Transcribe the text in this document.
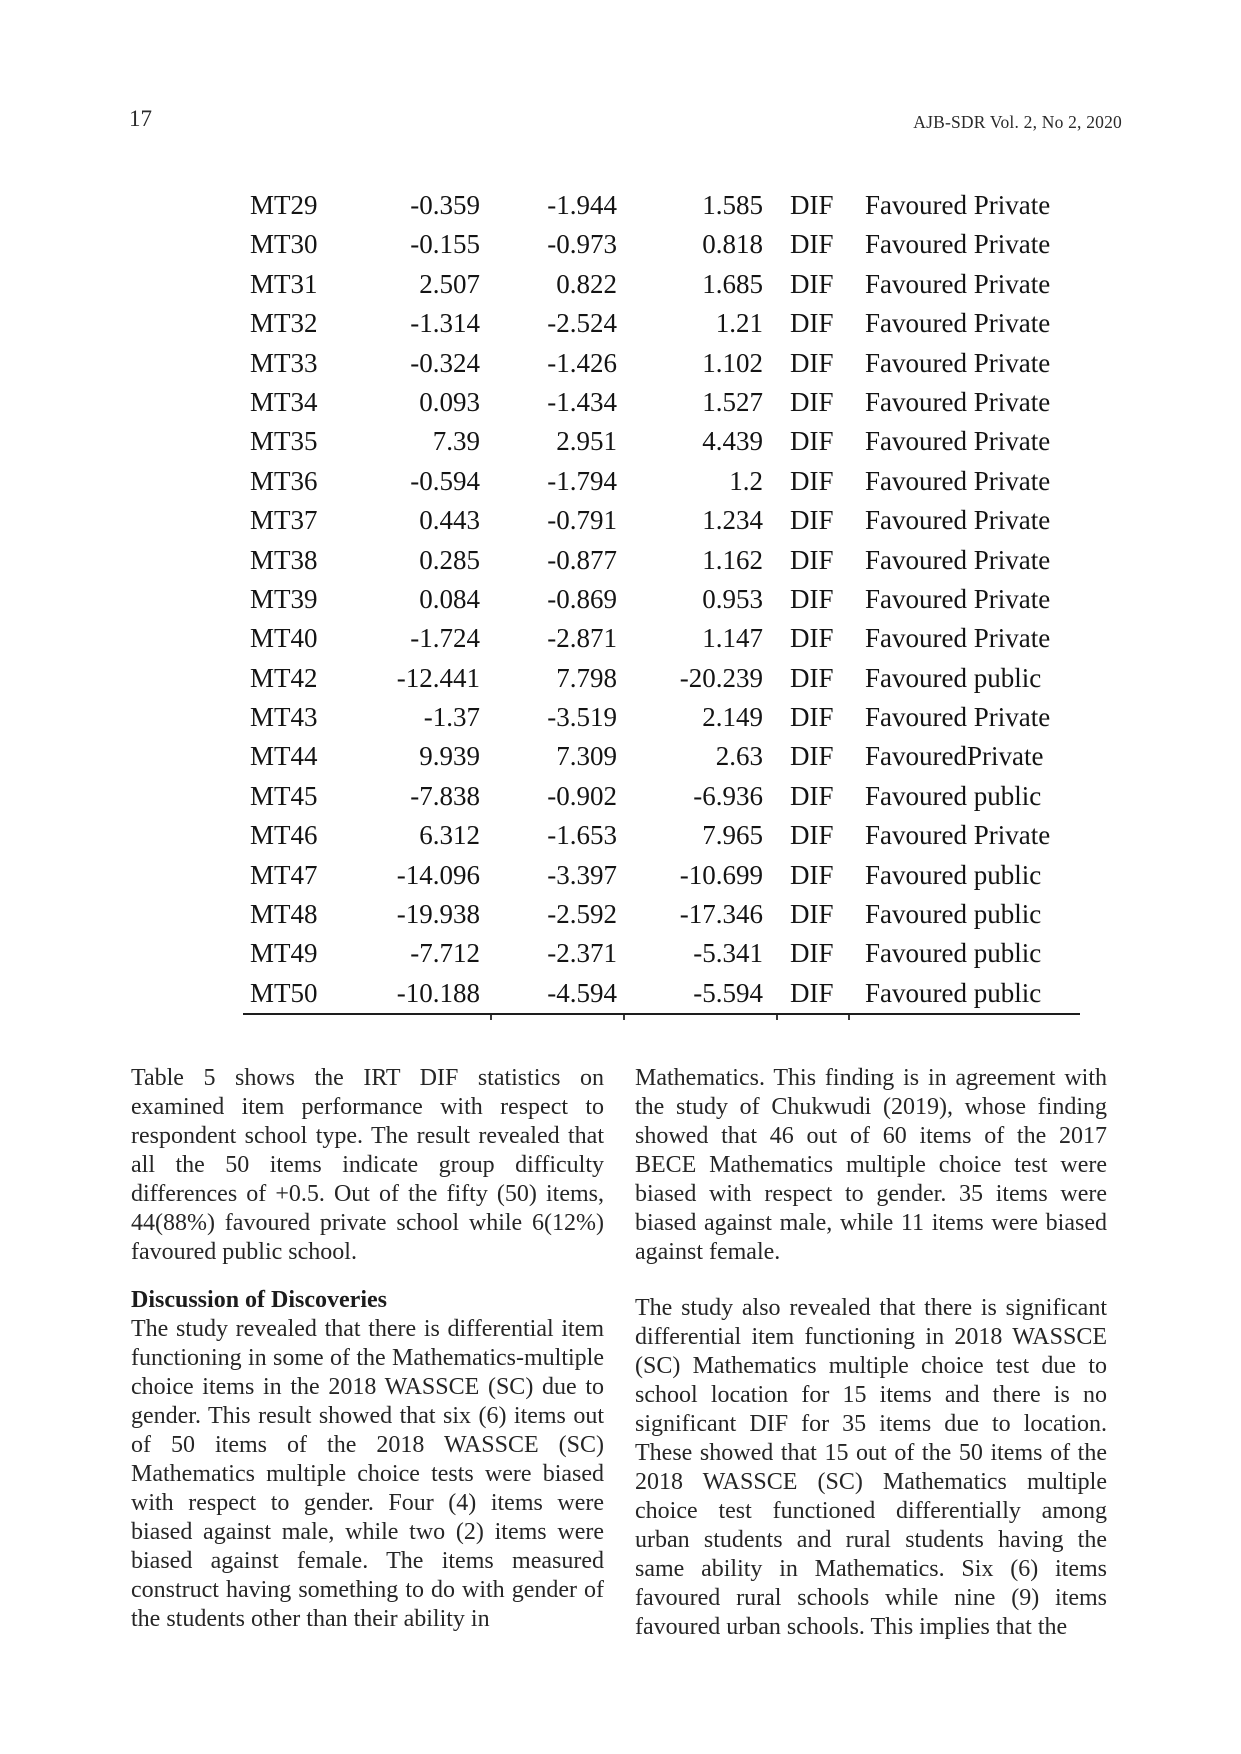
17	AJB-SDR Vol. 2, No 2, 2020
MT29	-0.359	-1.944	1.585	DIF	Favoured Private
MT30	-0.155	-0.973	0.818	DIF	Favoured Private
MT31	2.507	0.822	1.685	DIF	Favoured Private
MT32	-1.314	-2.524	1.21	DIF	Favoured Private
MT33	-0.324	-1.426	1.102	DIF	Favoured Private
MT34	0.093	-1.434	1.527	DIF	Favoured Private
MT35	7.39	2.951	4.439	DIF	Favoured Private
MT36	-0.594	-1.794	1.2	DIF	Favoured Private
MT37	0.443	-0.791	1.234	DIF	Favoured Private
MT38	0.285	-0.877	1.162	DIF	Favoured Private
MT39	0.084	-0.869	0.953	DIF	Favoured Private
MT40	-1.724	-2.871	1.147	DIF	Favoured Private
MT42	-12.441	7.798	-20.239	DIF	Favoured public
MT43	-1.37	-3.519	2.149	DIF	Favoured Private
MT44	9.939	7.309	2.63	DIF	FavouredPrivate
MT45	-7.838	-0.902	-6.936	DIF	Favoured public
MT46	6.312	-1.653	7.965	DIF	Favoured Private
MT47	-14.096	-3.397	-10.699	DIF	Favoured public
MT48	-19.938	-2.592	-17.346	DIF	Favoured public
MT49	-7.712	-2.371	-5.341	DIF	Favoured public
MT50	-10.188	-4.594	-5.594	DIF	Favoured public

Table 5 shows the IRT DIF statistics on examined item performance with respect to respondent school type. The result revealed that all the 50 items indicate group difficulty differences of +0.5. Out of the fifty (50) items, 44(88%) favoured private school while 6(12%) favoured public school.

Discussion of Discoveries

The study revealed that there is differential item functioning in some of the Mathematics-multiple choice items in the 2018 WASSCE (SC) due to gender. This result showed that six (6) items out of 50 items of the 2018 WASSCE (SC) Mathematics multiple choice tests were biased with respect to gender. Four (4) items were biased against male, while two (2) items were biased against female. The items measured construct having something to do with gender of the students other than their ability in

Mathematics. This finding is in agreement with the study of Chukwudi (2019), whose finding showed that 46 out of 60 items of the 2017 BECE Mathematics multiple choice test were biased with respect to gender. 35 items were biased against male, while 11 items were biased against female.

The study also revealed that there is significant differential item functioning in 2018 WASSCE (SC) Mathematics multiple choice test due to school location for 15 items and there is no significant DIF for 35 items due to location. These showed that 15 out of the 50 items of the 2018 WASSCE (SC) Mathematics multiple choice test functioned differentially among urban students and rural students having the same ability in Mathematics. Six (6) items favoured rural schools while nine (9) items favoured urban schools. This implies that the
